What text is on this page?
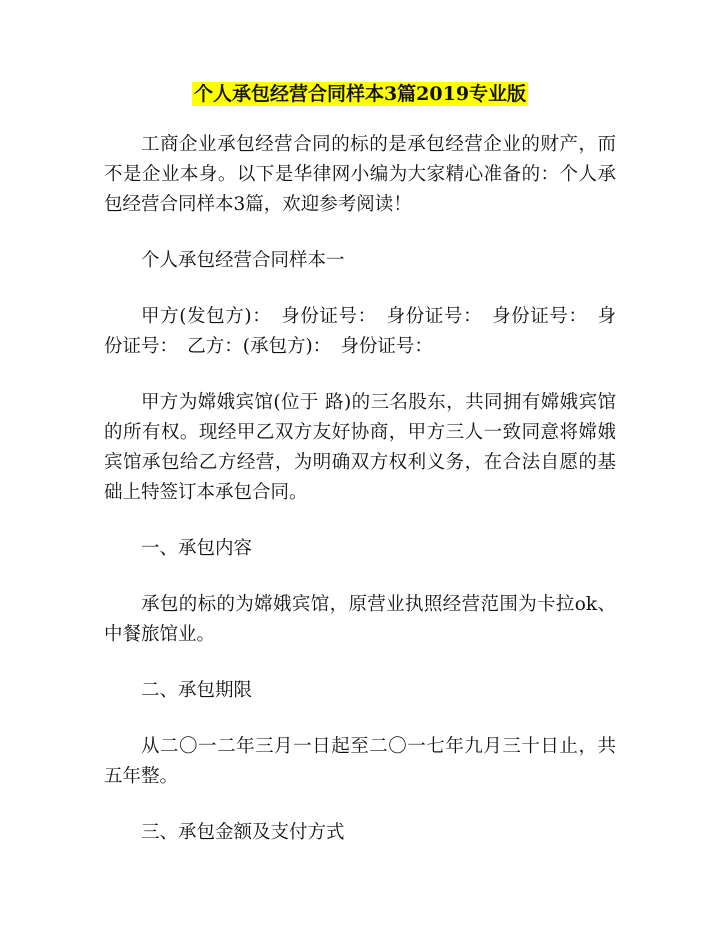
个人承包经营合同样本3篇2019专业版

工商企业承包经营合同的标的是承包经营企业的财产，而不是企业本身。以下是华律网小编为大家精心准备的：个人承包经营合同样本3篇，欢迎参考阅读！

个人承包经营合同样本一

甲方(发包方)：　身份证号：　身份证号：　身份证号：　身份证号：　乙方：(承包方)：　身份证号：

甲方为嫦娥宾馆(位于 路)的三名股东，共同拥有嫦娥宾馆的所有权。现经甲乙双方友好协商，甲方三人一致同意将嫦娥宾馆承包给乙方经营，为明确双方权利义务，在合法自愿的基础上特签订本承包合同。

一、承包内容

承包的标的为嫦娥宾馆，原营业执照经营范围为卡拉ok、中餐旅馆业。

二、承包期限

从二〇一二年三月一日起至二〇一七年九月三十日止，共五年整。

三、承包金额及支付方式
